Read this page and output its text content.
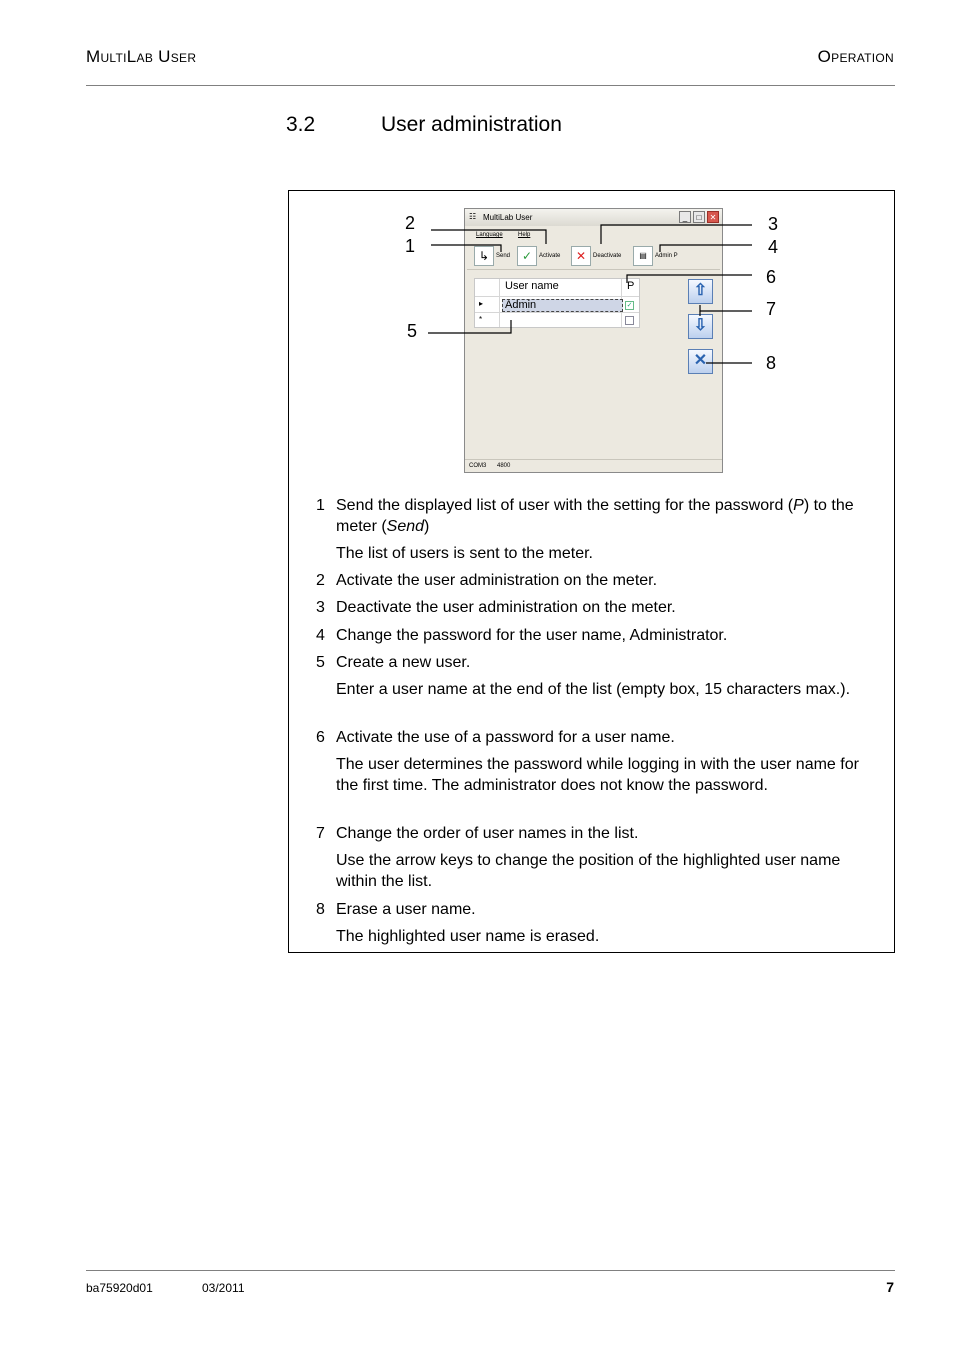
MultiLab User	Operation
3.2	User administration
☷ MultiLab User	_	□	✕
Language	Help
↳	Send ✓	Activate	✕	Deactivate	▤	Admin P
User name	P
▸ Admin	✓
*
⇧
⇩
✕
COM3 4800
2
1
3
4
6
7
8
5
1 Send the displayed list of user with the setting for the password (P) to the meter (Send)
The list of users is sent to the meter.
2 Activate the user administration on the meter.
3 Deactivate the user administration on the meter.
4 Change the password for the user name, Administrator.
5 Create a new user.
Enter a user name at the end of the list (empty box, 15 characters max.).
6 Activate the use of a password for a user name.
The user determines the password while logging in with the user name for the first time. The administrator does not know the password.
7 Change the order of user names in the list.
Use the arrow keys to change the position of the highlighted user name within the list.
8 Erase a user name.
The highlighted user name is erased.
ba75920d01	03/2011	7
